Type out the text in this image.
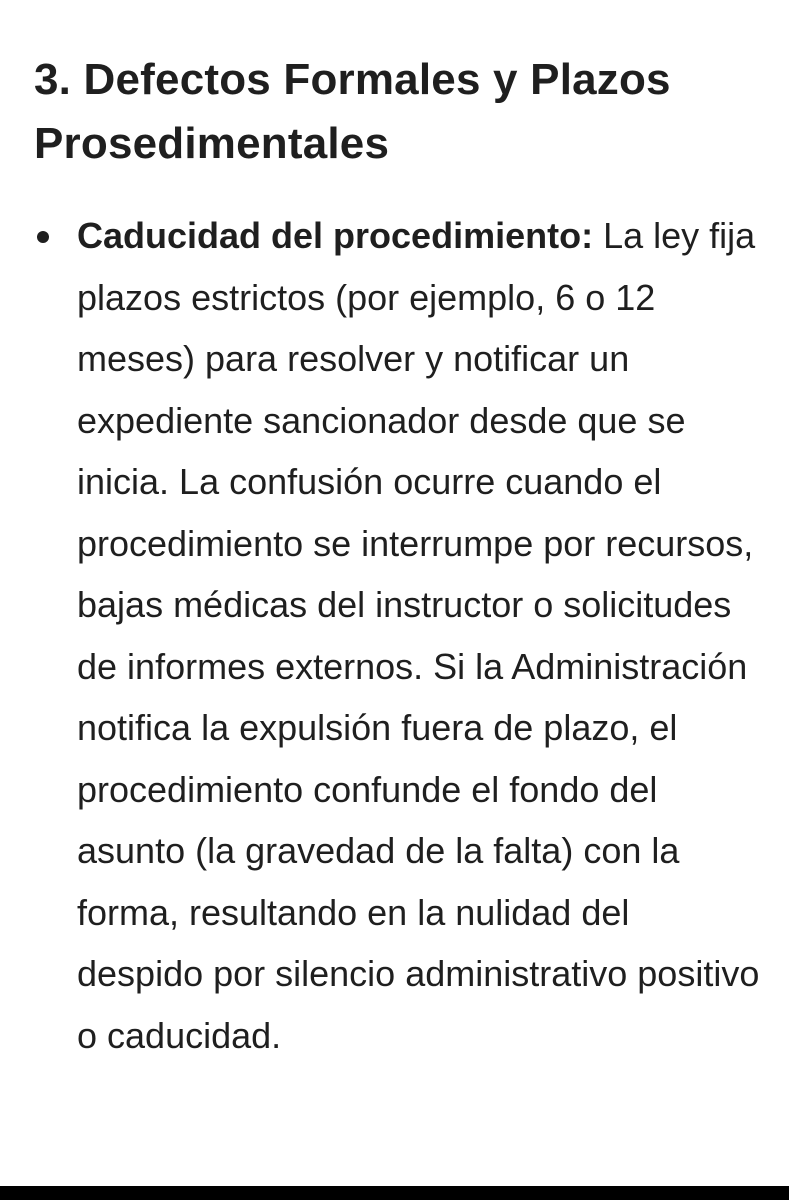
3. Defectos Formales y Plazos Prosedimentales
Caducidad del procedimiento: La ley fija plazos estrictos (por ejemplo, 6 o 12 meses) para resolver y notificar un expediente sancionador desde que se inicia. La confusión ocurre cuando el procedimiento se interrumpe por recursos, bajas médicas del instructor o solicitudes de informes externos. Si la Administración notifica la expulsión fuera de plazo, el procedimiento confunde el fondo del asunto (la gravedad de la falta) con la forma, resultando en la nulidad del despido por silencio administrativo positivo o caducidad.
